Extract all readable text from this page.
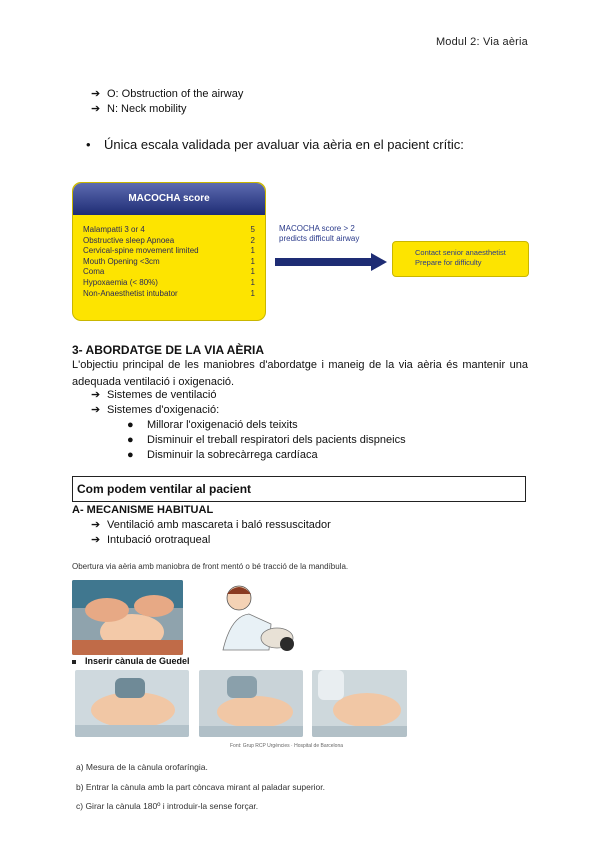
Modul 2: Via aèria
➔ O: Obstruction of the airway
➔ N: Neck mobility
• Única escala validada per avaluar via aèria en el pacient crític:
MACOCHA score
Malampatti 3 or 4	5
Obstructive sleep Apnoea	2
Cervical-spine movement limited	1
Mouth Opening <3cm	1
Coma	1
Hypoxaemia (< 80%)	1
Non-Anaesthetist intubator	1
MACOCHA score > 2
predicts difficult airway
Contact senior anaesthetist
Prepare for difficulty
3- ABORDATGE DE LA VIA AÈRIA
L'objectiu principal de les maniobres d'abordatge i maneig de la via aèria és mantenir una adequada ventilació i oxigenació.
➔ Sistemes de ventilació
➔ Sistemes d'oxigenació:
● Millorar l'oxigenació dels teixits
● Disminuir el treball respiratori dels pacients dispneics
● Disminuir la sobrecàrrega cardíaca
Com podem ventilar al pacient
A- MECANISME HABITUAL
➔ Ventilació amb mascareta i baló ressuscitador
➔ Intubació orotraqueal
Obertura via aèria amb maniobra de front mentó o bé tracció de la mandíbula.
Inserir cànula de Guedel
Font: Grup RCP Urgències · Hospital de Barcelona
a) Mesura de la cànula orofaríngia.
b) Entrar la cànula amb la part còncava mirant al paladar superior.
c) Girar la cànula 180º i introduir-la sense forçar.
